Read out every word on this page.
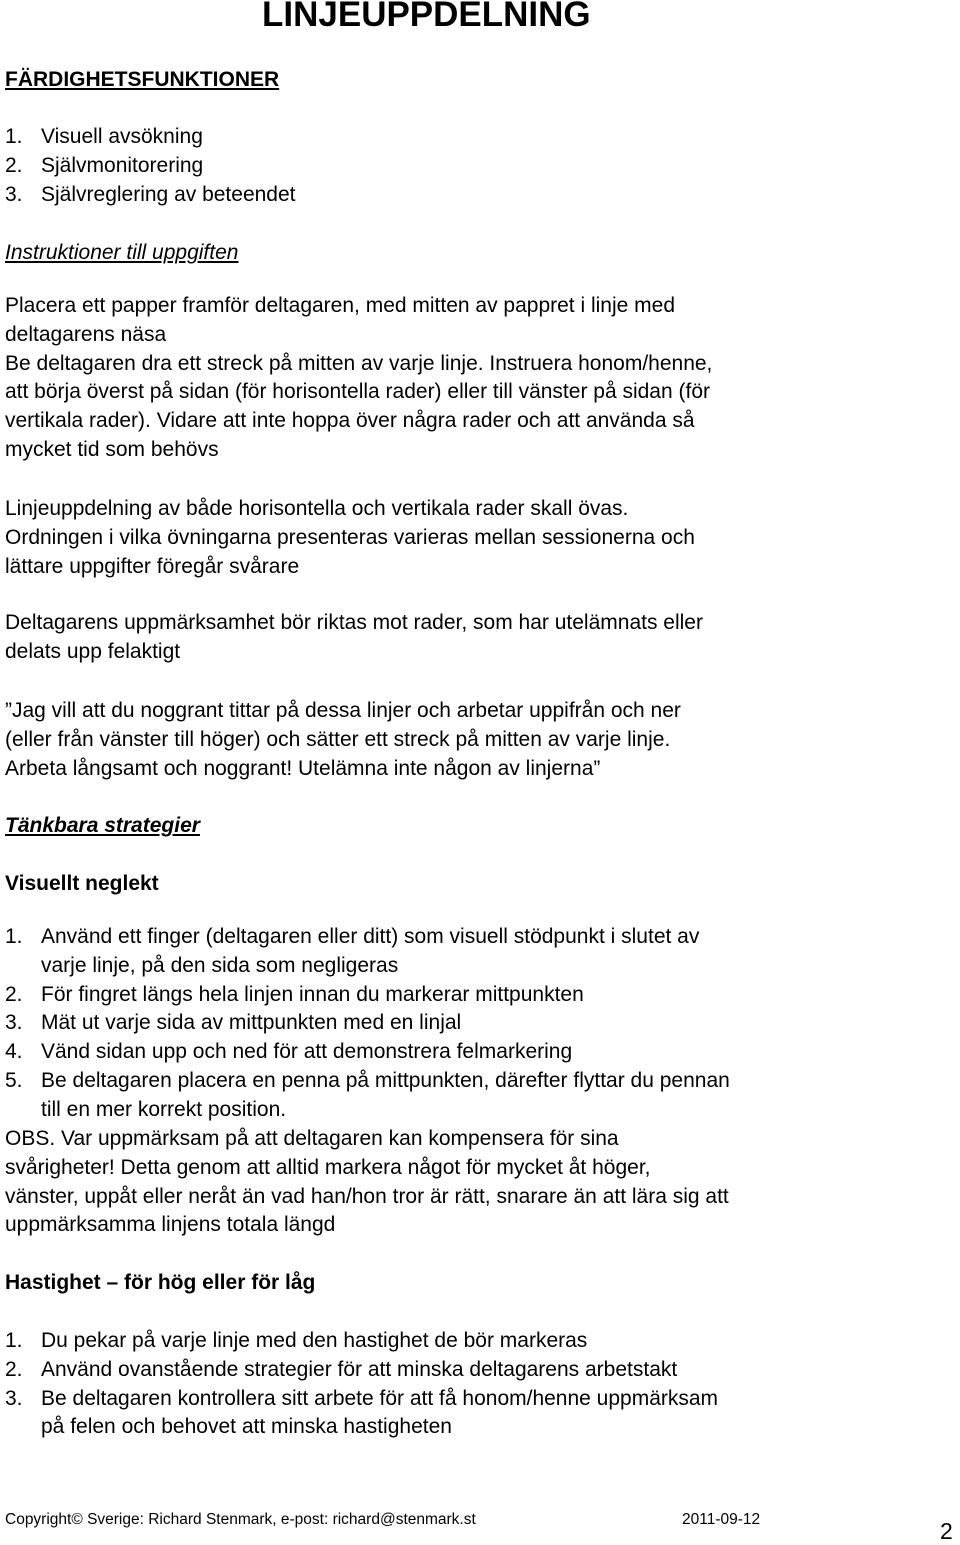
LINJEUPPDELNING
FÄRDIGHETSFUNKTIONER
1. Visuell avsökning
2. Självmonitorering
3. Självreglering av beteendet
Instruktioner till uppgiften
Placera ett papper framför deltagaren, med mitten av pappret i linje med
deltagarens näsa
Be deltagaren dra ett streck på mitten av varje linje. Instruera honom/henne,
att börja överst på sidan (för horisontella rader) eller till vänster på sidan (för
vertikala rader). Vidare att inte hoppa över några rader och att använda så
mycket tid som behövs
Linjeuppdelning av både horisontella och vertikala rader skall övas.
Ordningen i vilka övningarna presenteras varieras mellan sessionerna och
lättare uppgifter föregår svårare
Deltagarens uppmärksamhet bör riktas mot rader, som har utelämnats eller
delats upp felaktigt
”Jag vill att du noggrant tittar på dessa linjer och arbetar uppifrån och ner
(eller från vänster till höger) och sätter ett streck på mitten av varje linje.
Arbeta långsamt och noggrant! Utelämna inte någon av linjerna”
Tänkbara strategier
Visuellt neglekt
1. Använd ett finger (deltagaren eller ditt) som visuell stödpunkt i slutet av
varje linje, på den sida som negligeras
2. För fingret längs hela linjen innan du markerar mittpunkten
3. Mät ut varje sida av mittpunkten med en linjal
4. Vänd sidan upp och ned för att demonstrera felmarkering
5. Be deltagaren placera en penna på mittpunkten, därefter flyttar du pennan
till en mer korrekt position.
OBS. Var uppmärksam på att deltagaren kan kompensera för sina
svårigheter! Detta genom att alltid markera något för mycket åt höger,
vänster, uppåt eller neråt än vad han/hon tror är rätt, snarare än att lära sig att
uppmärksamma linjens totala längd
Hastighet – för hög eller för låg
1. Du pekar på varje linje med den hastighet de bör markeras
2. Använd ovanstående strategier för att minska deltagarens arbetstakt
3. Be deltagaren kontrollera sitt arbete för att få honom/henne uppmärksam
på felen och behovet att minska hastigheten
Copyright© Sverige: Richard Stenmark, e-post: richard@stenmark.st	2011-09-12	2
